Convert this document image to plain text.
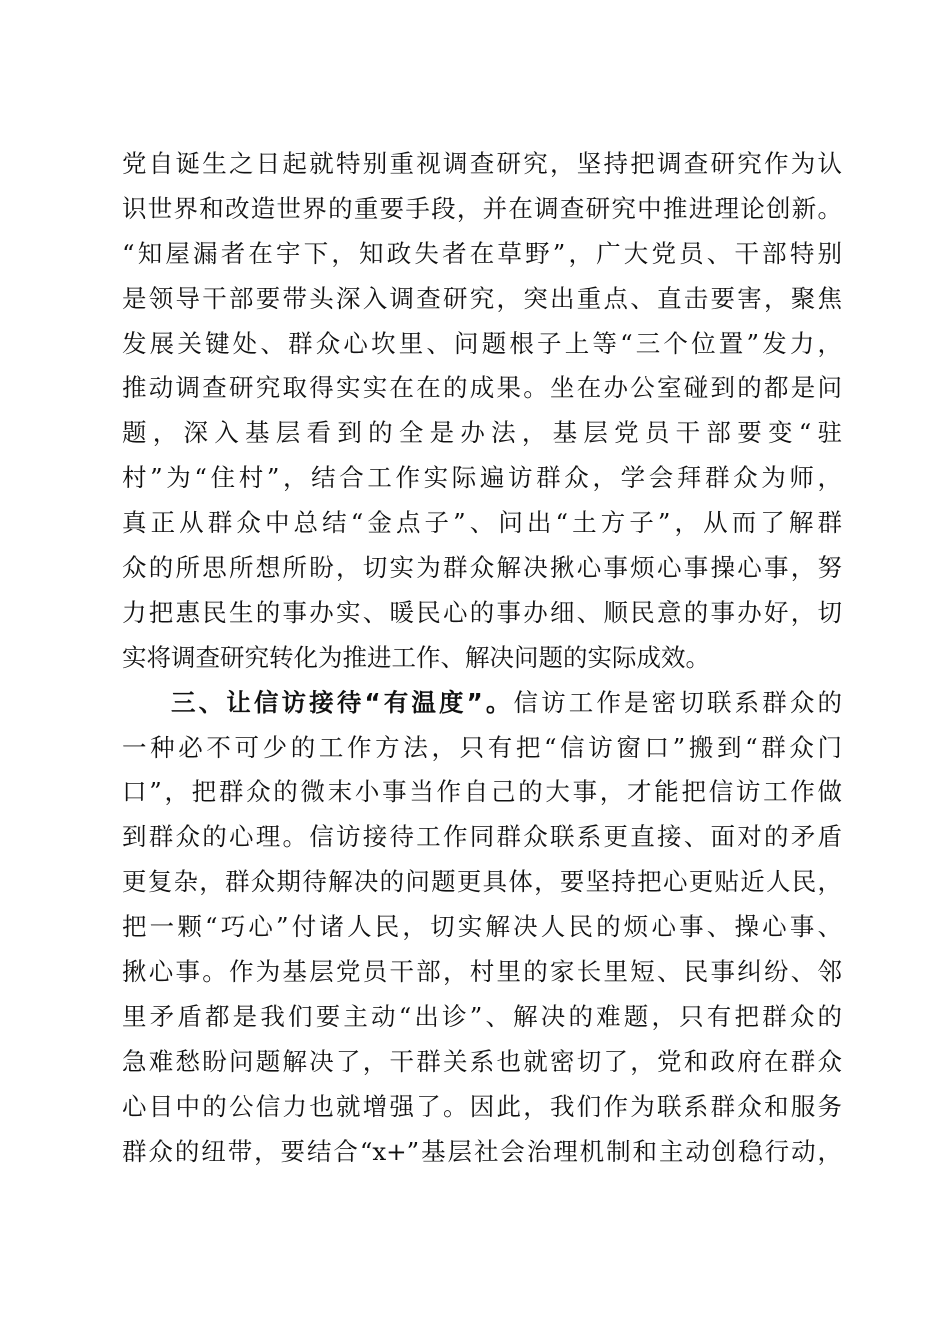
党自诞生之日起就特别重视调查研究，坚持把调查研究作为认
识世界和改造世界的重要手段，并在调查研究中推进理论创新。
“知屋漏者在宇下，知政失者在草野”，广大党员、干部特别
是领导干部要带头深入调查研究，突出重点、直击要害，聚焦
发展关键处、群众心坎里、问题根子上等“三个位置”发力，
推动调查研究取得实实在在的成果。坐在办公室碰到的都是问
题，深入基层看到的全是办法，基层党员干部要变“驻
村”为“住村”，结合工作实际遍访群众，学会拜群众为师，
真正从群众中总结“金点子”、问出“土方子”，从而了解群
众的所思所想所盼，切实为群众解决揪心事烦心事操心事，努
力把惠民生的事办实、暖民心的事办细、顺民意的事办好，切
实将调查研究转化为推进工作、解决问题的实际成效。
三、让信访接待“有温度”。信访工作是密切联系群众的
一种必不可少的工作方法，只有把“信访窗口”搬到“群众门
口”，把群众的微末小事当作自己的大事，才能把信访工作做
到群众的心理。信访接待工作同群众联系更直接、面对的矛盾
更复杂，群众期待解决的问题更具体，要坚持把心更贴近人民，
把一颗“巧心”付诸人民，切实解决人民的烦心事、操心事、
揪心事。作为基层党员干部，村里的家长里短、民事纠纷、邻
里矛盾都是我们要主动“出诊”、解决的难题，只有把群众的
急难愁盼问题解决了，干群关系也就密切了，党和政府在群众
心目中的公信力也就增强了。因此，我们作为联系群众和服务
群众的纽带，要结合“x+”基层社会治理机制和主动创稳行动，
